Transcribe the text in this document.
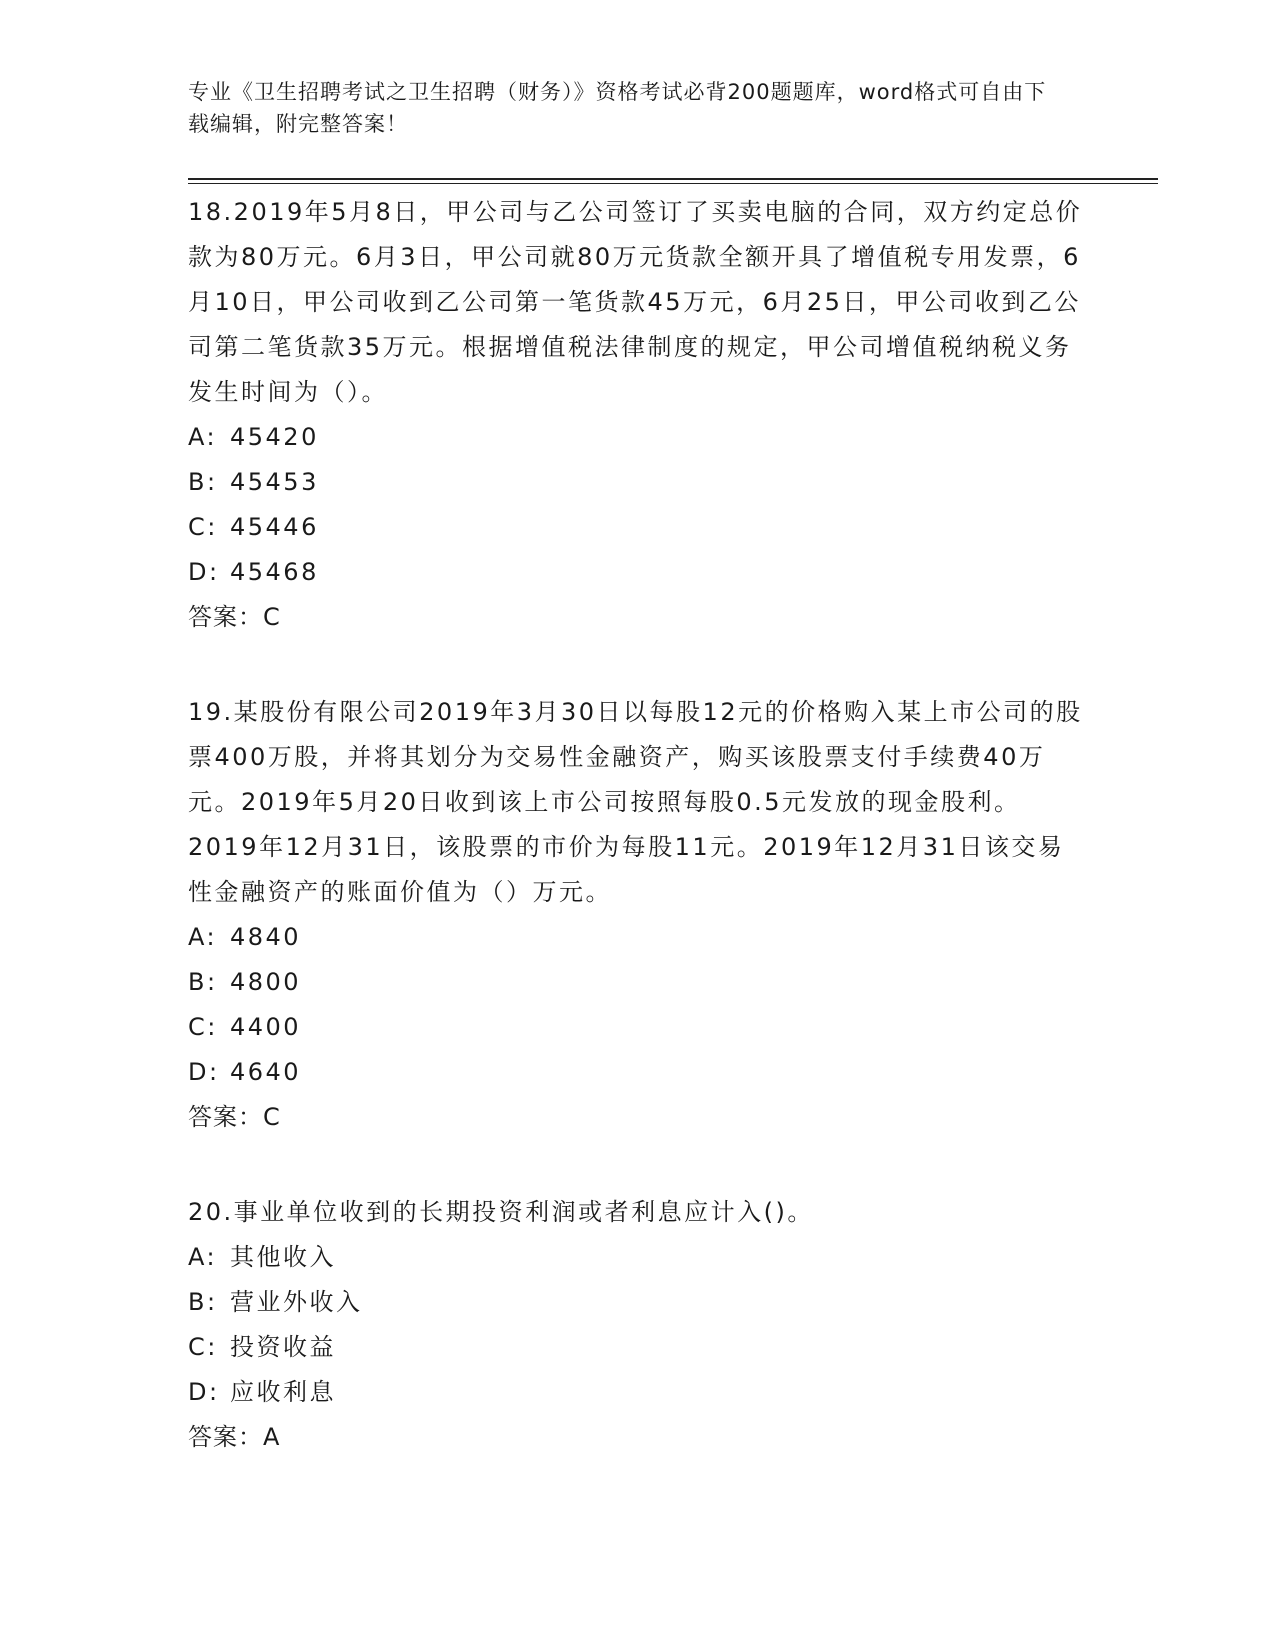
专业《卫生招聘考试之卫生招聘（财务）》资格考试必背200题题库，word格式可自由下载编辑，附完整答案！

18.2019年5月8日，甲公司与乙公司签订了买卖电脑的合同，双方约定总价款为80万元。6月3日，甲公司就80万元货款全额开具了增值税专用发票，6月10日，甲公司收到乙公司第一笔货款45万元，6月25日，甲公司收到乙公司第二笔货款35万元。根据增值税法律制度的规定，甲公司增值税纳税义务发生时间为（）。

A: 45420

B: 45453

C: 45446

D: 45468

答案：C

19.某股份有限公司2019年3月30日以每股12元的价格购入某上市公司的股票400万股，并将其划分为交易性金融资产，购买该股票支付手续费40万元。2019年5月20日收到该上市公司按照每股0.5元发放的现金股利。2019年12月31日，该股票的市价为每股11元。2019年12月31日该交易性金融资产的账面价值为（）万元。

A: 4840

B: 4800

C: 4400

D: 4640

答案：C

20.事业单位收到的长期投资利润或者利息应计入()。

A: 其他收入

B: 营业外收入

C: 投资收益

D: 应收利息

答案：A
